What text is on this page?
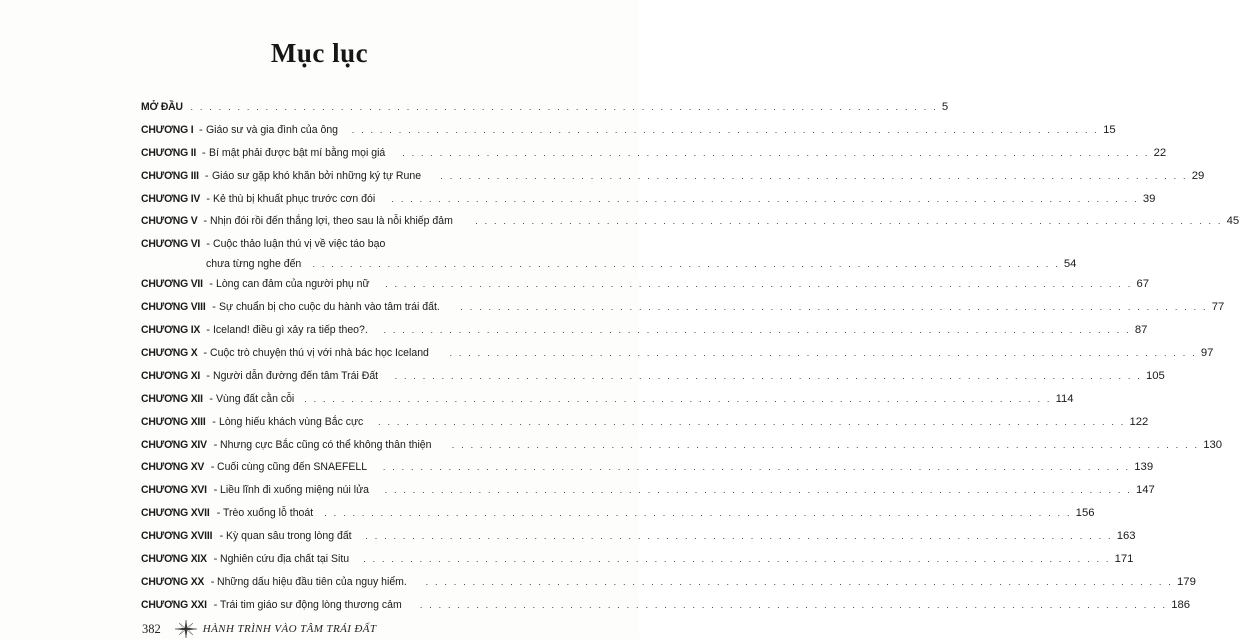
Mục lục
MỞ ĐẦU . . . . . . . . . . . . . . . . . . . . . . . . . . . . . . . . . . . . . . . . . . . . . . . . . . . . . . . . . . . . . . . . . . . . . . . . . . . . . . . . 5
CHƯƠNG I - Giáo sư và gia đình của ông . . . . . . . . . . . . . . . . . . . . . . . . . . . . . . . . . . . . . . . . . . . . . . . . . . . . . . . . . . . . . . . . . . . . . . . . . . . . . . . . 15
CHƯƠNG II - Bí mật phải được bật mí bằng mọi giá . . . . . . . . . . . . . . . . . . . . . . . . . . . . . . . . . . . . . . . . . . . . . . . . . . . . . . . . . . . . . . . . . . . . . . . . . . . . . . . . 22
CHƯƠNG III - Giáo sư gặp khó khăn bởi những ký tự Rune . . . . . . . . . . . . . . . . . . . . . . . . . . . . . . . . . . . . . . . . . . . . . . . . . . . . . . . . . . . . . . . . . . . . . . . . . . . . . . . . 29
CHƯƠNG IV - Kẻ thù bị khuất phục trước cơn đói . . . . . . . . . . . . . . . . . . . . . . . . . . . . . . . . . . . . . . . . . . . . . . . . . . . . . . . . . . . . . . . . . . . . . . . . . . . . . . . . 39
CHƯƠNG V - Nhịn đói rồi đến thắng lợi, theo sau là nỗi khiếp đảm . . . . . . . . . . . . . . . . . . . . . . . . . . . . . . . . . . . . . . . . . . . . . . . . . . . . . . . . . . . . . . . . . . . . . . . . . . . . . . . . 45
CHƯƠNG VI - Cuộc thảo luận thú vị về việc táo bạo
chưa từng nghe đến . . . . . . . . . . . . . . . . . . . . . . . . . . . . . . . . . . . . . . . . . . . . . . . . . . . . . . . . . . . . . . . . . . . . . . . . . . . . . . . . 54
CHƯƠNG VII - Lòng can đảm của người phụ nữ . . . . . . . . . . . . . . . . . . . . . . . . . . . . . . . . . . . . . . . . . . . . . . . . . . . . . . . . . . . . . . . . . . . . . . . . . . . . . . . . 67
CHƯƠNG VIII - Sự chuẩn bị cho cuộc du hành vào tâm trái đất. . . . . . . . . . . . . . . . . . . . . . . . . . . . . . . . . . . . . . . . . . . . . . . . . . . . . . . . . . . . . . . . . . . . . . . . . . . . . . . . . 77
CHƯƠNG IX - Iceland! điều gì xảy ra tiếp theo?. . . . . . . . . . . . . . . . . . . . . . . . . . . . . . . . . . . . . . . . . . . . . . . . . . . . . . . . . . . . . . . . . . . . . . . . . . . . . . . . . 87
CHƯƠNG X - Cuộc trò chuyện thú vị với nhà bác học Iceland . . . . . . . . . . . . . . . . . . . . . . . . . . . . . . . . . . . . . . . . . . . . . . . . . . . . . . . . . . . . . . . . . . . . . . . . . . . . . . . . 97
CHƯƠNG XI - Người dẫn đường đến tâm Trái Đất . . . . . . . . . . . . . . . . . . . . . . . . . . . . . . . . . . . . . . . . . . . . . . . . . . . . . . . . . . . . . . . . . . . . . . . . . . . . . . . . 105
CHƯƠNG XII - Vùng đất cằn cỗi . . . . . . . . . . . . . . . . . . . . . . . . . . . . . . . . . . . . . . . . . . . . . . . . . . . . . . . . . . . . . . . . . . . . . . . . . . . . . . . . 114
CHƯƠNG XIII - Lòng hiếu khách vùng Bắc cực . . . . . . . . . . . . . . . . . . . . . . . . . . . . . . . . . . . . . . . . . . . . . . . . . . . . . . . . . . . . . . . . . . . . . . . . . . . . . . . . 122
CHƯƠNG XIV - Nhưng cực Bắc cũng có thể không thân thiện . . . . . . . . . . . . . . . . . . . . . . . . . . . . . . . . . . . . . . . . . . . . . . . . . . . . . . . . . . . . . . . . . . . . . . . . . . . . . . . . 130
CHƯƠNG XV - Cuối cùng cũng đến SNAEFELL . . . . . . . . . . . . . . . . . . . . . . . . . . . . . . . . . . . . . . . . . . . . . . . . . . . . . . . . . . . . . . . . . . . . . . . . . . . . . . . . 139
CHƯƠNG XVI - Liều lĩnh đi xuống miệng núi lửa . . . . . . . . . . . . . . . . . . . . . . . . . . . . . . . . . . . . . . . . . . . . . . . . . . . . . . . . . . . . . . . . . . . . . . . . . . . . . . . . 147
CHƯƠNG XVII - Trèo xuống lỗ thoát . . . . . . . . . . . . . . . . . . . . . . . . . . . . . . . . . . . . . . . . . . . . . . . . . . . . . . . . . . . . . . . . . . . . . . . . . . . . . . . . 156
CHƯƠNG XVIII - Kỳ quan sâu trong lòng đất . . . . . . . . . . . . . . . . . . . . . . . . . . . . . . . . . . . . . . . . . . . . . . . . . . . . . . . . . . . . . . . . . . . . . . . . . . . . . . . . 163
CHƯƠNG XIX - Nghiên cứu địa chất tại Situ . . . . . . . . . . . . . . . . . . . . . . . . . . . . . . . . . . . . . . . . . . . . . . . . . . . . . . . . . . . . . . . . . . . . . . . . . . . . . . . . 171
CHƯƠNG XX - Những dấu hiệu đầu tiên của nguy hiểm. . . . . . . . . . . . . . . . . . . . . . . . . . . . . . . . . . . . . . . . . . . . . . . . . . . . . . . . . . . . . . . . . . . . . . . . . . . . . . . . . 179
CHƯƠNG XXI - Trái tim giáo sư động lòng thương cảm . . . . . . . . . . . . . . . . . . . . . . . . . . . . . . . . . . . . . . . . . . . . . . . . . . . . . . . . . . . . . . . . . . . . . . . . . . . . . . . . 186
382	HÀNH TRÌNH VÀO TÂM TRÁI ĐẤT
